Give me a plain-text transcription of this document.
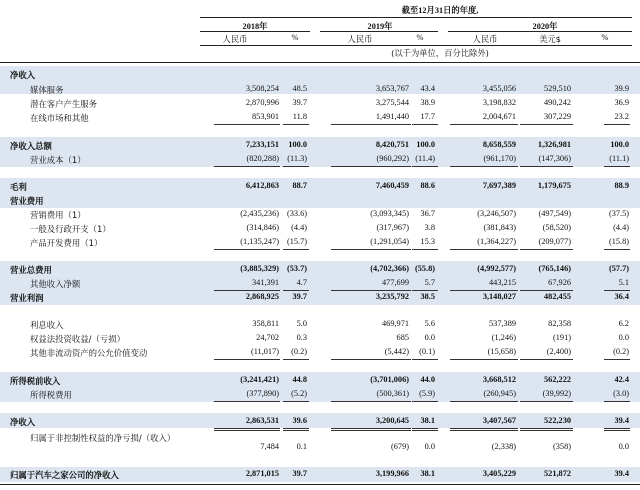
截至12月31日的年度,
2018年	2019年	2020年
人民币	%	人民币	%	人民币	美元$	%
(以千为单位，百分比除外)
净收入
媒体服务	3,508,254 48.5	3,653,767 43.4	3,455,056	529,510	39.9
潜在客户产生服务	2,870,996 39.7	3,275,544 38.9	3,198,832	490,242	36.9
在线市场和其他	853,901 11.8	1,491,440 17.7	2,004,671	307,229	23.2
净收入总额	7,233,151 100.0	8,420,751 100.0	8,658,559	1,326,981	100.0
营业成本（1）	(820,288) (11.3)	(960,292) (11.4)	(961,170)	(147,306)	(11.1)
毛利	6,412,863 88.7	7,460,459 88.6	7,697,389	1,179,675	88.9
营业费用
营销费用（1）	(2,435,236) (33.6)	(3,093,345) 36.7	(3,246,507)	(497,549)	(37.5)
一般及行政开支（1）	(314,846) (4.4)	(317,967) 3.8	(381,843)	(58,520)	(4.4)
产品开发费用（1）	(1,135,247) (15.7)	(1,291,054) 15.3	(1,364,227)	(209,077)	(15.8)
营业总费用	(3,885,329) (53.7)	(4,702,366) (55.8)	(4,992,577)	(765,146)	(57.7)
其他收入净额	341,391 4.7	477,699 5.7	443,215	67,926	5.1
营业利润	2,868,925 39.7	3,235,792 38.5	3,148,027	482,455	36.4
利息收入	358,811 5.0	469,971 5.6	537,389	82,358	6.2
权益法投资收益/（亏损）	24,702 0.3	685 0.0	(1,246)	(191)	0.0
其他非流动资产的公允价值变动	(11,017) (0.2)	(5,442) (0.1)	(15,658)	(2,400)	(0.2)
所得税前收入	(3,241,421) 44.8	(3,701,006) 44.0	3,668,512	562,222	42.4
所得税费用	(377,890) (5.2)	(500,361) (5.9)	(260,945)	(39,992)	(3.0)
净收入	2,863,531 39.6	3,200,645 38.1	3,407,567	522,230	39.4
归属于非控制性权益的净亏损/（收入）
7,484 0.1	(679) 0.0	(2,338)	(358)	0.0
归属于汽车之家公司的净收入	2,871,015 39.7	3,199,966 38.1	3,405,229	521,872	39.4
